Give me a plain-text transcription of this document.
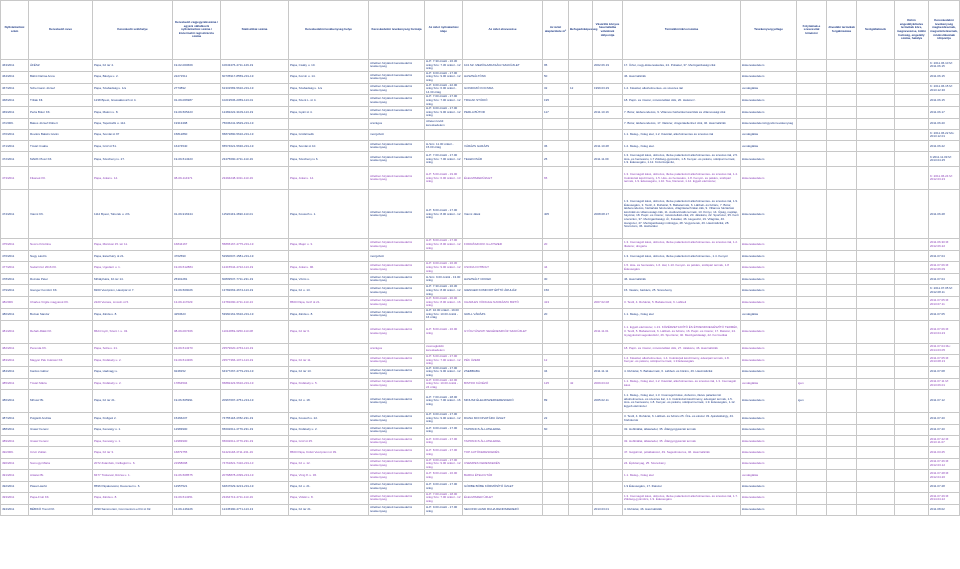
Nyilvántartási szám	Kereskedő neve	Kereskedő székhelye	Kereskedő cégjegyzékszáma / egyéni vállalkozói nyilvántartási száma / kistermelői regisztrációs száma	Statisztikai száma	Kereskedelmi tevékenység helye	Kereskedelmi tevékenység formája	Az üzlet nyitvatartási ideje	Az üzlet elnevezése	Az üzlet alapterülete m²	Befogadóképesség	Vásárlók könyve használatba vételének időpontja	Termékkörök/sorszáma	Tevékenység jellege	Folytatnak-e szeszesital kimérést	Jövedéki termékek forgalmazása	Szolgáltatások	Külön engedélyköteles termékek köre, megnevezése, külön hatóság, engedély száma, hatálya	Kereskedelmi tevékenység megkezdésének, megszüntetésének, módosításának időpontja
463/2011	ÁFÉSZ	Pápa, Fő tér 4.	19-02-000669	10643476-4711-129-19	Pápa, Csáky u. 10.	üzletben folytatott kereskedelmi tevékenység	H-P: 7.30 órától - 16.30 óráig Szo: 7.30 órától - 12 óráig	104.SZ. MEZŐGAZDASÁGI SZAKÜZLET	95		2002.06.19	17. Üzlet, nagy-kiskereskedés, 24. Pofaétel, 37. Mezőgazdasági cikk	kiskereskedelem					K: 2011.06.10 M: 2011.06.15
464/2011	Bálint Dalma Anna	Pápa, Bástya u. 2.	22271511	60735917-8559-231-19	Pápa, Korvin u. 14.	üzletben folytatott kereskedelmi tevékenység	H-P: 9.00 órától - 17.00 óráig Szo: 9.00 órától - 12 óráig	HASZNÁLTÓNK	50			46. Használtcikk	kiskereskedelem					2011.06.15
467/2011	Schermann József	Pápa, Szabadság u. 1/a	2773892	61331583-5610-231-19	Pápa, Szabadság u. 1/a	üzletben folytatott kereskedelmi tevékenység	H-P: 9.00 órától - 22.00 óráig Szo: 6.00 órától - 14.30 óráig	GONDOZÓ KOCSMA	32	12	1999.03.29	1.2. Kávéital, alkoholmentes- és szeszes ital	vendéglátás					K: 2011.06.15 M: 2013.12.30
468/2011	Triliak Kft.	1238 Bpest, Grassalkovich út 4.	01-09-066987	10219536-2059-113-01	Pápa, Szent L. út 4.	üzletben folytatott kereskedelmi tevékenység	H-P: 7.00 órától - 17.00 óráig Szo: 7.00 órától - 12 óráig	TRILIAK STÚDIÓ	195			18. Papír- és írószer, művészellátó cikk, 20. Hatszerz.	kiskereskedelem					2011.06.15
469/2011	Perla Bútor Kft.	Pápa, Malom u. 8.	19-09-505423	12482222-3109-113-19	Pápa, Gyári út 4.	üzletben folytatott kereskedelmi tevékenység	H-P: 9.00 órától - 17.00 óráig Szo: 9.00 órától - 12 óráig	PERLA BÚTOR	117		2011.10.16	7. Bútor, lakberendezés, 9. Villamos háztartási készülék és villamossági cikk	kiskereskedelem					2011.06.17
47/2009.	Bakos József Róbert	Pápa, Tapolcafői u. 114.	19313498	75636241-9529-231-19		országos	üzleten kívüli kereskedelem					7. Bútor, lakberendezés, 17. Illatszer, drogériáellenhez cikk, 46. Használtcikk	kiskereskedelem/ügynöki tevékenység					2011.06.20
470/2011	Rovács Balázs István	Pápa, Somlai út 97	15812860	65872890-5610-231-19	Pápa, Grófalmelik	mozgóbolt						1.1. Meleg-, hideg étel, 1.2. Kávéital, alkoholmentes és szeszes ital	vendéglátás					K: 2011.06.22 Mo: 2013.12.01
471/2011	Tóvári Csaba	Pápa, Gróf út 51.	16474540	65574621-5630-231-19	Pápa, Somlai út 10.	üzletben folytatott kereskedelmi tevékenység	H-Szo: 11.00 órától - 15.00 óráig	VÁRÁZS GARÁZS	36		2011.10.28	1.2. Meleg-, hideg étel.	vendéglátás					2011.06.22
472/2011	MARK Plusz Kft.	Pápa, Széchenyi u. 27.	19-09-514323	23475690-4711-113-19	Pápa, Széchenyi u 6.	üzletben folytatott kereskedelmi tevékenység	H-P: 7.00 órától - 17.00 óráig Szo: 7.00 órától - 12 óráig	TELEKOSÁR	25		2011.11.09	1.3. Csomagolt kávé, dobozos, illetve palackozott alkoholmentes- és szeszes ital, 2.5. Hús- és hentesáru, 1.7 Zöldség-gyümölcs, 1.8. Kenyér- és pékáru, sütőipari termék, 1.9. Édességáru, 1.12. Közérzetjavító,	kiskereskedelem					K:2011.11.09 M: 2013.04.25
473/2011	Fikanek Kft.	Pápa, Jókai u. 14.	08-09-114371	23494248-3311-113-19	Pápa, Jókai u. 14.	üzletben folytatott kereskedelmi tevékenység	H-P: 5.00 órától - 19.00 óráig Szo: 6.00 órától - 13 óráig	ÉLELMISZERÜZLET	65			1.3. Csomagolt kávé, dobozos, illetve palackozott alkoholmentes- és szeszes ital, 1.4. Cukrászati készítmény, 1.5. Hús- és hentesáru, 1.8. Kenyér- és pékáru, sütőipari termék, 1.9. Édességáru, 1.10. Tea, fűszerek, 1.12. Egyéb élelmiszer,	kiskereskedelem					K: 2011.06.24 M: 2012.03.23
474/2011	Vianni Kft.	1112 Bpest, Toborék u. 2/b.	01-09-916344	11520443-4690-113-01	Pápa, Kossuth u. 1.	üzletben folytatott kereskedelmi tevékenység	H-P: 8.00 órától - 17.00 óráig Szo: 8.00 órától - 12 óráig	Vianni Játék	405		2008.08.17	1.3. Csomagolt kávé, dobozos, illetve palackozott alkoholmentes- és szeszes ital, 1.9. Édességáru, 3. Textil, 4. Ruházat, 5. Babatermék, 6. Lábbeli- és bőráru, 7. Bútor, lakberendezés, háztartási felszerelés, világítástechnikai cikk, 9. Villamos háztartási készülék és villamossági cikk, 11. Audiovizuális termék, 13. Könyv, 14. Újság, napilap, folyóirat, 18. Papír- és írószer, művészellátó cikk, 20. Játékáru, 22. Sportszer, 35. Kerti szerszám, 37. Mezőgazdasági, Ár, Kutatási, 46. Hegesztő, 19. Világítás, 46. Hangszer, 47. Mezőgazdasági műtrágya, 48. Vegyszerek, 46. Használtcikk, 28. Szerszám, 36. Háztartási	kiskereskedelem					2011.06.28
475/2011	Nocco Krisztina	Pápa, Márciusi 15. tér 11.	16844167	55865167-4775-231-19	Pápa, Major u. 3.	üzletben folytatott kereskedelmi tevékenység	H-P: 8.00 órától - 17.00 óráig Szo: 8.00 órától - 12 óráig	FODRÁSZCIKK ILLATSZER	20			1.3. Csomagolt kávé, dobozos, illetve palackozott alkoholmentes- és szeszes ital, 1.2. Illatszer, drogéria	kiskereskedelem					2011.06.30 M: 2012.06.22
476/2011	Nagy László	Pápa, Esterházy út 21.	4762590	52960637-1581-231-19		mozgóbolt						1.3. Csomagolt kávé, dobozos, illetve palackozott alkoholmentes-, 1.4. Kenyér	kiskereskedelem					2011.07.04
477/2011	Sodal Irisz 2016 Kft.	Pápa, Ugodiert u. 1.	19-09-512884	12415544-4722-113-19	Pápa, Jókai u. 96.	üzletben folytatott kereskedelmi tevékenység	H-P: 9.00 órától - 16.30 óráig Szo: 9.00 órától - 12 óráig	CSODA FOTBOLT	44			1.5. Hús- és hentesáru, 1.6. Hal, 1.10. Kenyér- és pékáru, sütőipari termék, 1.8 Édességáru	kiskereskedelem					2011.07.06 M: 2012.06.09
478/2011	Ruzsás Péter	Mihályháza, Fő tér 14.	25301281	60809537-7711-231-19	Pápa, Vörös u.	üzletben folytatott kereskedelmi tevékenység	H-Szo: 9.00 órától - 13.00 óráig	HASZNÁLT CIKKEK	30			46. Használtcikk	kiskereskedelem					2011.07.04
479/2011	Gienger Komfort Kft.	8200 Veszprém, Haszpár út 7.	19-09-509026	13782663-4674-113-19	Pápa, Fő u. 13.	üzletben folytatott kereskedelmi tevékenység	H-P: 7.30 órától - 16.30 óráig Szo: 8.00 órától - 12 óráig	GIENGER KOMFORT ÉPÍTŐ ÁRUHÁZ	150			15. Vasáru, barkács, 25. Szerelvény	kiskereskedelem					K: 2011.07.05 M: 2012.08.11
48/2009	Charles Virgile magyarok Kft.	2220 Vecsés, Lincoln út 5.	13-09-117029	13781090-4711-113-13	8500 Pápa, Gróf út 21.	üzletben folytatott kereskedelmi tevékenység	H-P: 8.00 órától - 20.00 óráig Szo: 8.00 órától - 16 óráig	CHARLES VÖDGILE NAVRÁZZU BIZTÓ	413		2007.02.08	3. Textil, 4. Ruházat, 5. Babatermék, 6. Lábbeli	kiskereskedelem					2011.07.05 M: 2013.07.11
480/2011	Bozsai Sándor	Pápa, Zárda u. 8.	4253623	53960161-5610-231-19	Pápa, Zárda u. 8.	üzletben folytatott kereskedelmi tevékenység	H-P: 10.00 órától - 19.00 óráig Szo: 10.00 órától - 16 óráig	GRILL VÁRÁZS	20			1.1. Meleg-, hideg étel	vendéglátás					2011.07.05
481/2011	Rehab-Rákk Kft.	8624 Győr, Szent I. u. 43.	08-09-007466	11012869-3250-113-08	Pápa, Fő tér 6.	üzletben folytatott kereskedelmi tevékenység	H-P: 8.00 órától - 16.00 óráig	GYÓGYÁSZATI SEGÉDESZKÖZ SZAKÜZLET			2011.11.01	1.1. Egyéb élelmiszer, 1.13. KÖZÉRZETJAVÍTÓ ÉS ÉTRENDKIEGÉSZÍTŐ TERMÉK, 3. Textil, 5. Babatermék, 6. Lábbeli- és bőráru, 16. Papír- és írószer, 17. Illatszer, 24. Gyógyászati segédeszköz, 26. Sportszer, 40. Mezőgazdasági, 42. Kozmetikai	kiskereskedelem					2011.07.06 M: 2013.04.23
482/2011	Perenda Kft.	Pápa, Sofia u. 21.	19-09-514370	23579620-4763-113-19		országos	csomagküldő kereskedelem					18. Papír- és írószer, művészellátó cikk, 27. Játékáru, 46. Használtcikk	kiskereskedelem					2011.07.04 Mo: 2014.03.05
483/2011	Magyar Pék Cukrász Kft.	Pápa, Kisfaludy u. 2.	19-09-514366	23577366-1071-113-19	Pápa, Fő tér 11.	üzletben folytatott kereskedelmi tevékenység	H-P: 6.00 órától - 17.00 óráig Szo: 7.00 órától - 12 óráig	PÉK ÜZEMI	12			1.2. Kávéital, alkoholmentes, 1.4. Cukrászati készítmény, édesipari termék, 1.8. Kenyér- és pékáru, sütőipari termék, 1.9 Édességáru	kiskereskedelem					2011.07.05 M: 2013.08.13
484/2011	Kardos Gábor	Pápa, Hadnagy u.	9248152	64377267-4779-231-19	Pápa, Fő tér 13.	üzletben folytatott kereskedelmi tevékenység	H-P: 9.00 órától - 17.00 óráig Szo: 9.00 órától - 12 óráig	ZSEBBABA	34		2011.11.11	4. Ruházat, 5. Babatermék, 6. Lábbeli- és bőráru, 46. Használtcikk	kiskereskedelem					2011.07.08
485/2011	Tóvári Mária	Pápa, Kisfaludy u. 2.	17864504	65882423-5610-231-19	Pápa, Kisfaludy u. 5.	üzletben folytatott kereskedelmi tevékenység	H-P: 9.00 órától - 22.00 óráig Szo: 10.00 órától - 24 óráig	BISTRO KÁVÉZÓ	125	42	2009.03.02	1.1. Meleg-, hideg étel, 1.2. Kávéital, alkoholmentes- és szeszes ital, 1.3. Csomagolt kávé	vendéglátás	igen				2011.07.11 M: 2013.06.01
486/2011	Mihusz Bt.	Pápa, Fő tér 21.	19-06-505991	20967697-4751-213-19	Pápa, Fő u. 18.	üzletben folytatott kereskedelmi tevékenység	H-P: 7.00 órától - 18.00 óráig Szo: 7.00 órától - 16 óráig	MINUSZ ÉLELMISZERKERESKEDŐ	89		2005.02.11	1.1. Meleg-, hideg étel, 1.3. Csomagolt kávé, dobozos, illetve palackozott alkoholmentes- és szeszes ital, 1.4. Cukrászati készítmény, édesipari termék, 1.5. Hús- és hentesáru, 1.8. Kenyér- és pékáru, sütőipari termék, 1.9. Édességáru, 1.12. Egyéb élelmiszer	kiskereskedelem	igen				2011.07.12
487/2011	Polgárdi András	Pápa, Kisfigeti 2.	15466237	74755118-4782-231-19	Pápa, Kossuth u. 22.	üzletben folytatott kereskedelmi tevékenység	H-P: 9.00 órától - 17.00 óráig Szo: 9.00 órától - 12 óráig	DIANA MOI DIVATÁRU ÜZLET	22			3. Textil, 4. Ruházat, 6. Lábbeli- és bőráru 25. Óra- és ékszer 33. Ajándéktárgy, 43. Kisbútorok	kiskereskedelem					2011.07.20
488/2011	Izsasz Ferenc	Pápa, Kenetéjy u. 1.	12983900	65602611-4779-231-19	Pápa, Kisfaludy u. 2.	üzletben folytatott kereskedelmi tevékenység	H-P: 9.00 órától - 17.00 óráig	TAPPANCS ÁLLATELEDEL	60			32. Hobbiállat, állateledel, 35. Állatgyógyászati termék	kiskereskedelem					2011.07.20
489/2011	Izsasz Ferenc	Pápa, Kenetéjy u. 1.	12983900	65602611-4779-231-19	Pápa, Gróf út 25.	üzletben folytatott kereskedelmi tevékenység	H-P: 9.00 órától - 17.00 óráig	TAPPANCS ÁLLATELEDEL				32. Hobbiállat, állateledel, 35. Állatgyógyászati termék	kiskereskedelem					2011.07.22 M: 2013.11.07
49/2009.	Czutr Zoltán	Pápa, Fő tér 3.	16879755	61421148-4711-231-19	8500 Pápa, Külső Veszprémi út 39.	üzletben folytatott kereskedelmi tevékenység	H-P: 8.00 órától - 17.00 óráig	TOP AUTÓKERESKEDÉS				47. Gépjármű, pótalkatrész, 49. Segédmotoros, 46. Használtcikk	kiskereskedelem					2011.03.25
490/2011	Somogyi Mária	2072 Zsámbék, Csillagtúri u. 6.	21958098	74761821-7410-231-13	Pápa, Fő u. 12.	üzletben folytatott kereskedelmi tevékenység	H-P: 9.00 órától - 17.00 óráig Szo: 9.00 órától - 12 óráig	CSEMPES KERESKEDÉS				24. Építőanyag, 25. Szerelvény	kiskereskedelem					2011.07.26 M: 2012.03.12
491/2011	Arástet Bt.	8477 Tüskevár, Rózsa u. 1.	19-06-508575	20768878-2399-213-19	Pápa, Vinig 8. u. 36.	üzletben folytatott kereskedelmi tevékenység	H-P: 8.00 órától - 16.00 óráig	BARKA ÉTELFUTÁR				1.1. Meleg-, hideg étel	vendéglátás					2011.07.28 M: 2012.04.20
492/2011	Pásai László	8596 Pápakovácsi, Devecseri u. 6.	12957521	64847629-3213-231-19	Pápa, Fő u. 21.	üzletben folytatott kereskedelmi tevékenység	H-P: 9.00 órától - 17.00 óráig	GÖRBE BÖBE KÖRMÖSÍTÓ ÜZLET				1.9 Édességáru, 17. Illatszer	kiskereskedelem					2011.07.28
493/2011	Papa-Fruit Kft.	Pápa, Zárda u. 8.	19-09-514351	23464713-4711-113-19	Pápa, Vidéki u. 8.	üzletben folytatott kereskedelmi tevékenység	H-P: 7.00 órától - 18.00 óráig Szo: 7.00 órától - 12 óráig	ÉLELMISZER ÜZLET				1.3. Csomagolt kávé, dobozos, illetve palackozott alkoholmentes- és szeszes ital, 1.7. Zöldség-gyümölcs, 1.9. Édességáru	kiskereskedelem					2011.07.29 M: 2014.04.22
494/2011	BÉBIKÖ Trend Kft.	2090 Sammoréni, Communism el Fő út 92.	13-09-146226	12445390-4771-113-13	Pápa, Fő tér 21.	üzletben folytatott kereskedelmi tevékenység	H-P: 9.00 órától - 17.00 óráig	SECOND HAND RUHA RENDSZEREZŐ			2013.03.01	4. Ruházat, 46. Használtcikk	kiskereskedelem					2011.08.02
